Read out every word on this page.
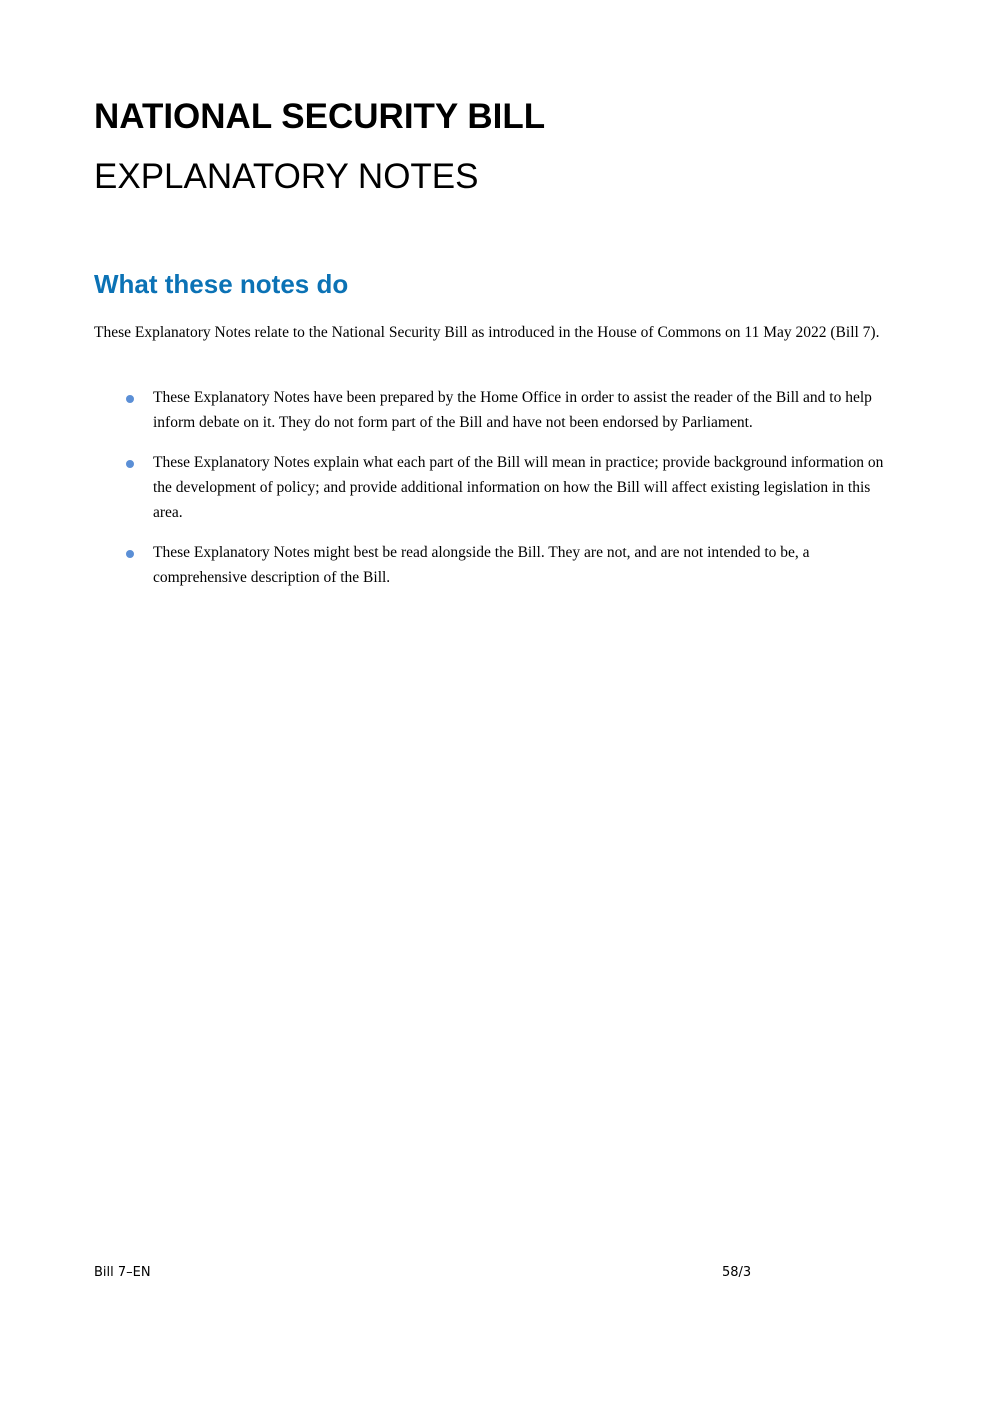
NATIONAL SECURITY BILL
EXPLANATORY NOTES
What these notes do

These Explanatory Notes relate to the National Security Bill as introduced in the House of Commons on 11 May 2022 (Bill 7).

These Explanatory Notes have been prepared by the Home Office in order to assist the reader of the Bill and to help inform debate on it. They do not form part of the Bill and have not been endorsed by Parliament.
These Explanatory Notes explain what each part of the Bill will mean in practice; provide background information on the development of policy; and provide additional information on how the Bill will affect existing legislation in this area.
These Explanatory Notes might best be read alongside the Bill. They are not, and are not intended to be, a comprehensive description of the Bill.

Bill 7–EN	58/3
